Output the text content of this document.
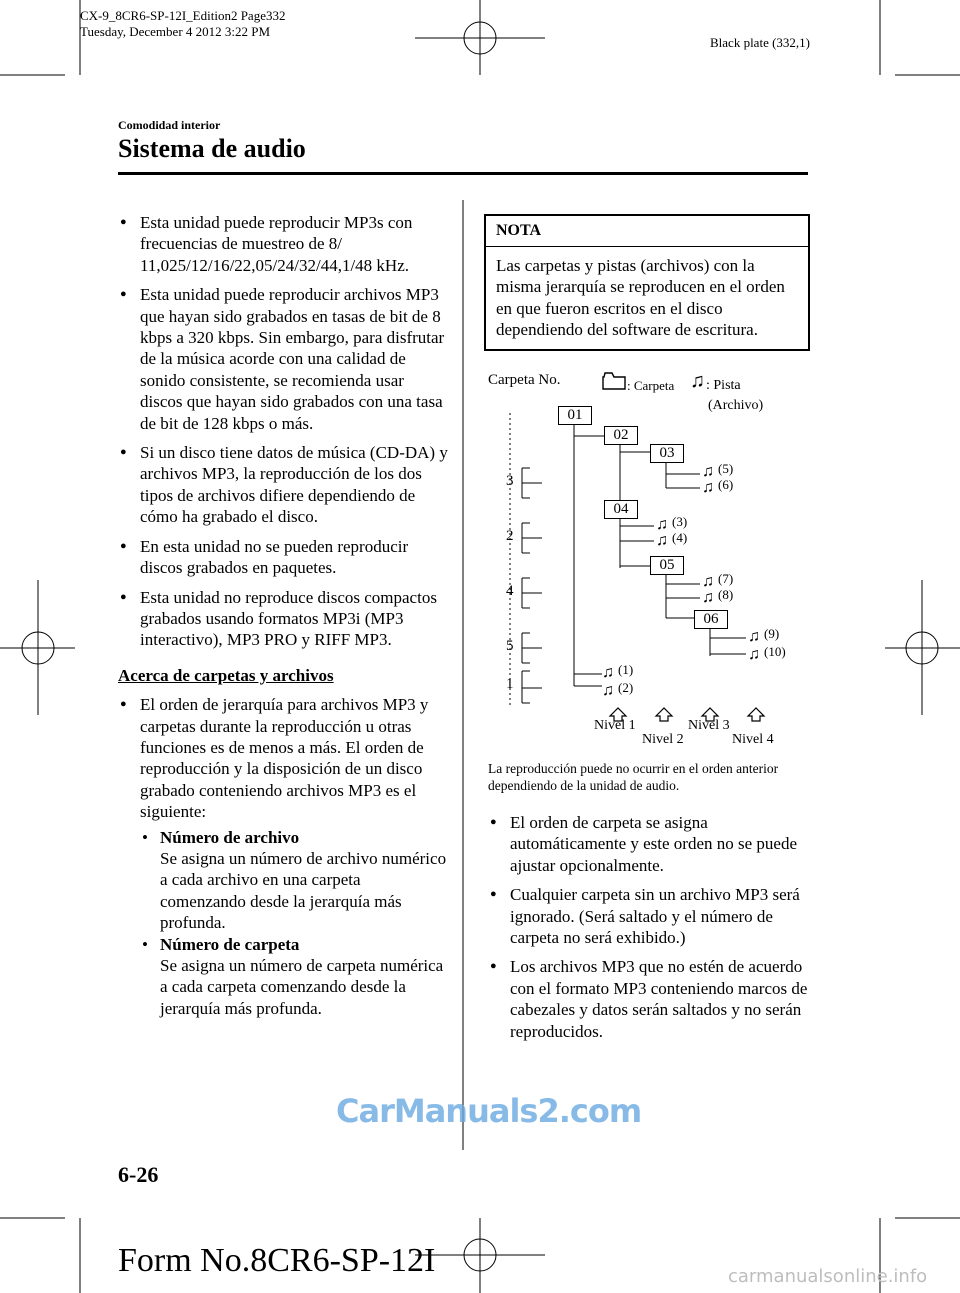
CX-9_8CR6-SP-12I_Edition2 Page332
Tuesday, December 4 2012 3:22 PM
Black plate (332,1)
Comodidad interior
Sistema de audio
● Esta unidad puede reproducir MP3s con frecuencias de muestreo de 8/ 11,025/12/16/22,05/24/32/44,1/48 kHz.
● Esta unidad puede reproducir archivos MP3 que hayan sido grabados en tasas de bit de 8 kbps a 320 kbps. Sin embargo, para disfrutar de la música acorde con una calidad de sonido consistente, se recomienda usar discos que hayan sido grabados con una tasa de bit de 128 kbps o más.
● Si un disco tiene datos de música (CD-DA) y archivos MP3, la reproducción de los dos tipos de archivos difiere dependiendo de cómo ha grabado el disco.
● En esta unidad no se pueden reproducir discos grabados en paquetes.
● Esta unidad no reproduce discos compactos grabados usando formatos MP3i (MP3 interactivo), MP3 PRO y RIFF MP3.
Acerca de carpetas y archivos
● El orden de jerarquía para archivos MP3 y carpetas durante la reproducción u otras funciones es de menos a más. El orden de reproducción y la disposición de un disco grabado conteniendo archivos MP3 es el siguiente:
• Número de archivo
Se asigna un número de archivo numérico a cada archivo en una carpeta comenzando desde la jerarquía más profunda.
• Número de carpeta
Se asigna un número de carpeta numérica a cada carpeta comenzando desde la jerarquía más profunda.
NOTA
Las carpetas y pistas (archivos) con la misma jerarquía se reproducen en el orden en que fueron escritos en el disco dependiendo del software de escritura.
Carpeta No.	: Carpeta ♫ : Pista
(Archivo)
01
02
03
04
05
06
3
2
4
5
1
♫ (1)
♫ (2)
♫ (3)
♫ (4)
♫ (5)
♫ (6)
♫ (7)
♫ (8)
♫ (9)
♫ (10)
Nivel 1
Nivel 2
Nivel 3
Nivel 4
La reproducción puede no ocurrir en el orden anterior dependiendo de la unidad de audio.
● El orden de carpeta se asigna automáticamente y este orden no se puede ajustar opcionalmente.
● Cualquier carpeta sin un archivo MP3 será ignorado. (Será saltado y el número de carpeta no será exhibido.)
● Los archivos MP3 que no estén de acuerdo con el formato MP3 conteniendo marcos de cabezales y datos serán saltados y no serán reproducidos.
CarManuals2.com
6-26
Form No.8CR6-SP-12I	carmanualsonline.info
